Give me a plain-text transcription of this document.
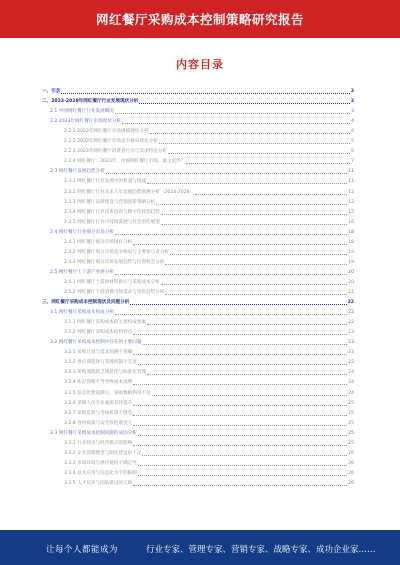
网红餐厅采购成本控制策略研究报告
内容目录
一、引言	3
二、2023-2028年网红餐厅行业发展现状分析	3
2.1 中国网红餐厅行业发展概况	3
2.2 2023年网红餐厅市场现状分析	4
2.2.1 2023年网红餐厅市场规模现状分析	4
2.2.2 2023年网红餐厅市场竞争格局现状分析	5
2.2.3 2023年网红餐厅消费者行为与需求特征分析	6
2.2.4 网红餐厅：2023年，中国网红餐厅市场，谁主沉浮？	7
2.3 网红餐厅发展趋势分析	11
2.3.1 网红餐厅行业发展中的机遇与挑战	11
2.3.2 网红餐厅行业未来几年发展趋势预测分析（2024-2028）	12
2.3.3 网红餐厅品牌建设与营销创新策略分析	13
2.3.4 网红餐厅行业技术创新与数字化转型趋势	15
2.3.5 网红餐厅行业可持续发展与社会责任展望	16
2.4 网红餐厅行业细分市场分析	18
2.4.1 网红餐厅细分市场现状分析	18
2.4.2 网红餐厅细分市场竞争格局与主要参与者分析	19
2.4.3 网红餐厅细分市场发展趋势与投资机会分析	19
2.5 网红餐厅上下游产业链分析	20
2.5.1 网红餐厅上游原材料供应与采购成本分析	20
2.5.2 网红餐厅下游消费市场需求与变化趋势分析	21
三、网红餐厅采购成本控制现状及问题分析	22
3.1 网红餐厅采购成本构成分析	22
3.1.1 网红餐厅采购成本的主要构成要素	22
3.1.2 网红餐厅采购成本结构特点	23
3.2 网红餐厅采购成本控制中存在的主要问题	23
3.2.1 采购计划与需求预测不准确	23
3.2.2 供应商选择与管理机制不完善	23
3.2.3 采购流程缺乏规范化与标准化管理	24
3.2.4 库存管理不当导致成本浪费	24
3.2.5 信息化建设滞后，采购数据利用不足	24
3.2.6 采购人员专业素质有待提升	25
3.2.7 采购监督与考核机制不健全	25
3.2.8 食材质量与安全管控难度大	25
3.3 网红餐厅采购成本控制问题的成因分析	25
3.3.1 行业特点与经营模式的影响	25
3.3.2 企业管理理念与制度建设的不足	26
3.3.3 市场环境与供应链的不确定性	26
3.3.4 技术应用与信息化水平的限制	26
3.3.5 人才培养与团队建设的欠缺	26
让每个人都能成为	行业专家、管理专家、营销专家、战略专家、成功企业家……
